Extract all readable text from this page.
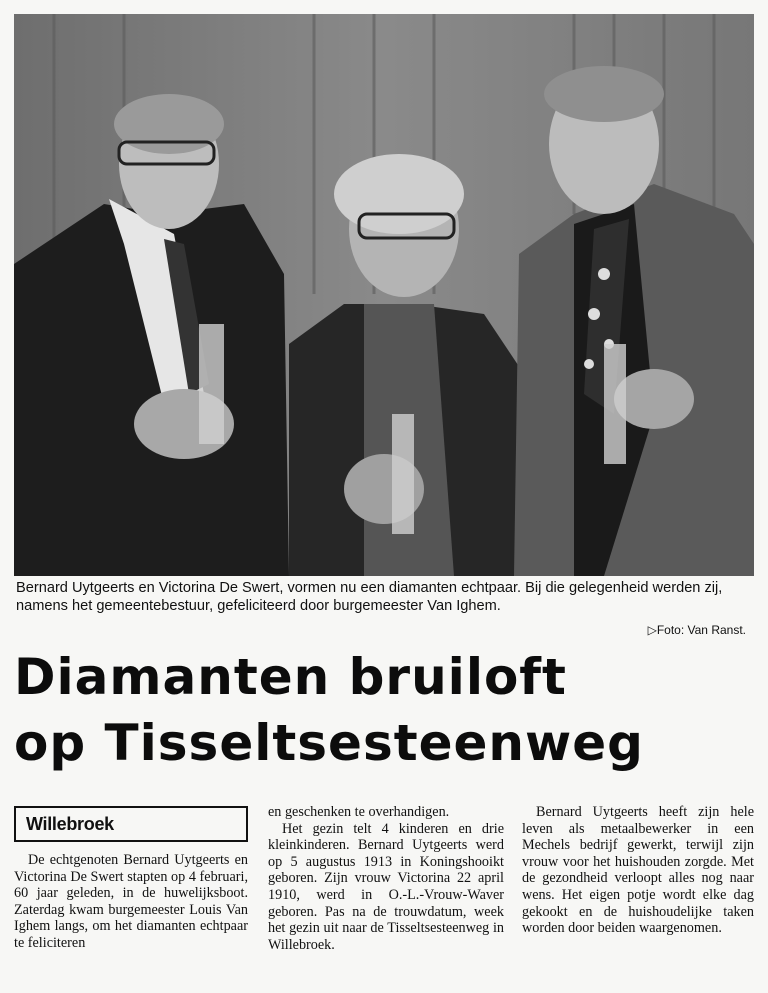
Bernard Uytgeerts en Victorina De Swert, vormen nu een diamanten echtpaar. Bij die gelegenheid werden zij, namens het gemeentebestuur, gefeliciteerd door burgemeester Van Ighem.
▷Foto: Van Ranst.
Diamanten bruiloft
op Tisseltsesteenweg
Willebroek

De echtgenoten Bernard Uytgeerts en Victorina De Swert stapten op 4 februari, 60 jaar geleden, in de huwelijksboot. Zaterdag kwam burgemeester Louis Van Ighem langs, om het diamanten echtpaar te feliciteren

en geschenken te overhandigen.

Het gezin telt 4 kinderen en drie kleinkinderen. Bernard Uytgeerts werd op 5 augustus 1913 in Koningshooikt geboren. Zijn vrouw Victorina 22 april 1910, werd in O.-L.-Vrouw-Waver geboren. Pas na de trouwdatum, week het gezin uit naar de Tisseltsesteenweg in Willebroek.

Bernard Uytgeerts heeft zijn hele leven als metaalbewerker in een Mechels bedrijf gewerkt, terwijl zijn vrouw voor het huishouden zorgde. Met de gezondheid verloopt alles nog naar wens. Het eigen potje wordt elke dag gekookt en de huishoudelijke taken worden door beiden waargenomen.
